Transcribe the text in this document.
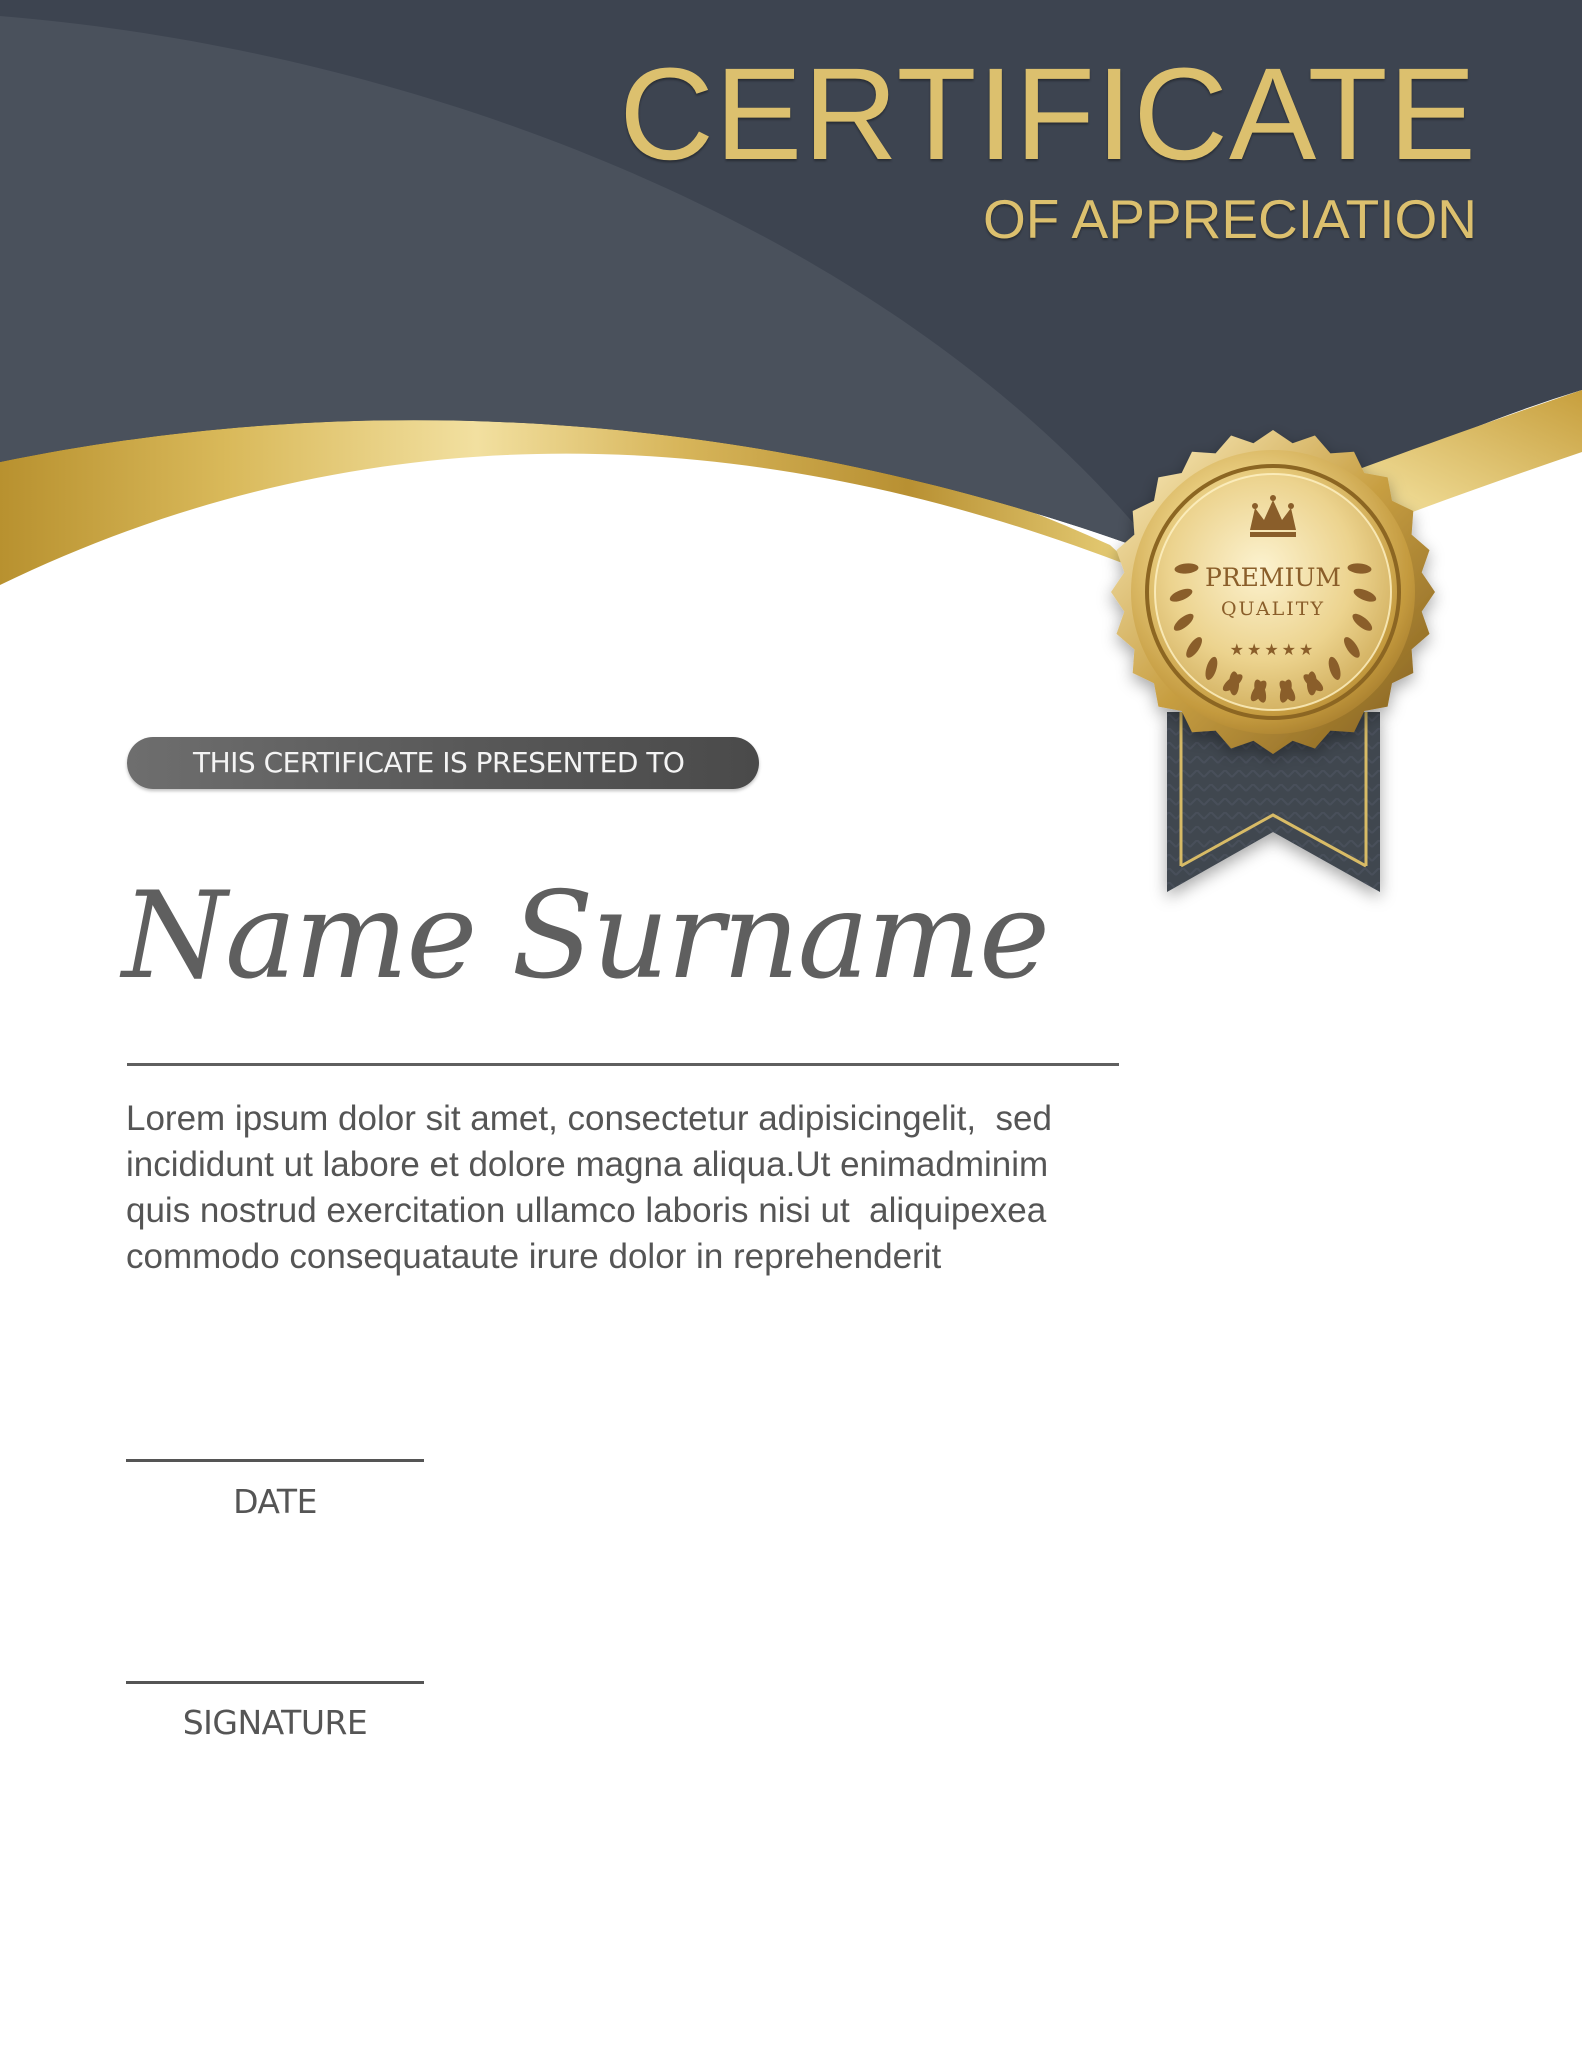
PREMIUM
QUALITY
★★★★★
CERTIFICATE
OF APPRECIATION
THIS CERTIFICATE IS PRESENTED TO
Name Surname

Lorem ipsum dolor sit amet, consectetur adipisicingelit,  sed
incididunt ut labore et dolore magna aliqua.Ut enimadminim
quis nostrud exercitation ullamco laboris nisi ut  aliquipexea
commodo consequataute irure dolor in reprehenderit

DATE
SIGNATURE
